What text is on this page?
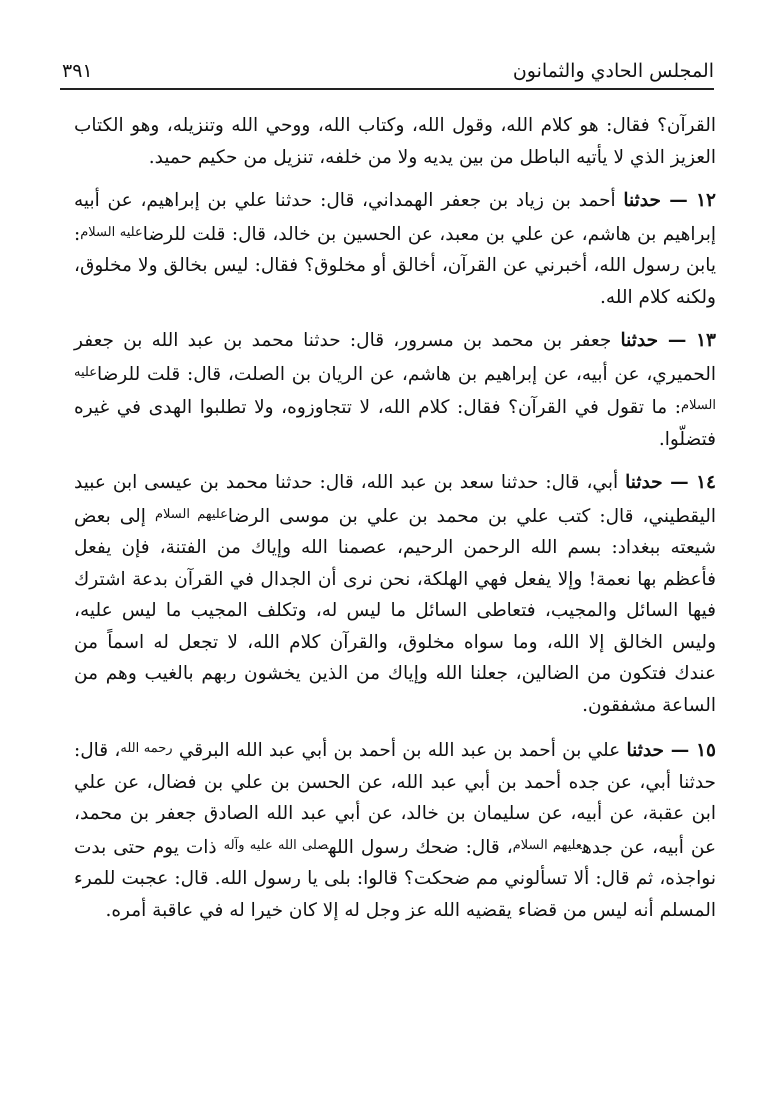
المجلس الحادي والثمانون
٣٩١

القرآن؟ فقال: هو كلام الله، وقول الله، وكتاب الله، ووحي الله وتنزيله، وهو الكتاب العزيز الذي لا يأتيه الباطل من بين يديه ولا من خلفه، تنزيل من حكيم حميد.

١٢ — حدثنا أحمد بن زياد بن جعفر الهمداني، قال: حدثنا علي بن إبراهيم، عن أبيه إبراهيم بن هاشم، عن علي بن معبد، عن الحسين بن خالد، قال: قلت للرضا$^{عليه السلام}$: يابن رسول الله، أخبرني عن القرآن، أخالق أو مخلوق؟ فقال: ليس بخالق ولا مخلوق، ولكنه كلام الله.

١٣ — حدثنا جعفر بن محمد بن مسرور، قال: حدثنا محمد بن عبد الله بن جعفر الحميري، عن أبيه، عن إبراهيم بن هاشم، عن الريان بن الصلت، قال: قلت للرضا$^{عليه السلام}$: ما تقول في القرآن؟ فقال: كلام الله، لا تتجاوزوه، ولا تطلبوا الهدى في غيره فتضلّوا.

١٤ — حدثنا أبي، قال: حدثنا سعد بن عبد الله، قال: حدثنا محمد بن عيسى ابن عبيد اليقطيني، قال: كتب علي بن محمد بن علي بن موسى الرضا$^{عليهم السلام}$ إلى بعض شيعته ببغداد: بسم الله الرحمن الرحيم، عصمنا الله وإياك من الفتنة، فإن يفعل فأعظم بها نعمة! وإلا يفعل فهي الهلكة، نحن نرى أن الجدال في القرآن بدعة اشترك فيها السائل والمجيب، فتعاطى السائل ما ليس له، وتكلف المجيب ما ليس عليه، وليس الخالق إلا الله، وما سواه مخلوق، والقرآن كلام الله، لا تجعل له اسماً من عندك فتكون من الضالين، جعلنا الله وإياك من الذين يخشون ربهم بالغيب وهم من الساعة مشفقون.

١٥ — حدثنا علي بن أحمد بن عبد الله بن أحمد بن أبي عبد الله البرقي $^{رحمه الله}$، قال: حدثنا أبي، عن جده أحمد بن أبي عبد الله، عن الحسن بن علي بن فضال، عن علي ابن عقبة، عن أبيه، عن سليمان بن خالد، عن أبي عبد الله الصادق جعفر بن محمد، عن أبيه، عن جده$^{عليهم السلام}$، قال: ضحك رسول الله$^{صلى الله عليه وآله}$ ذات يوم حتى بدت نواجذه، ثم قال: ألا تسألوني مم ضحكت؟ قالوا: بلى يا رسول الله. قال: عجبت للمرء المسلم أنه ليس من قضاء يقضيه الله عز وجل له إلا كان خيرا له في عاقبة أمره.
